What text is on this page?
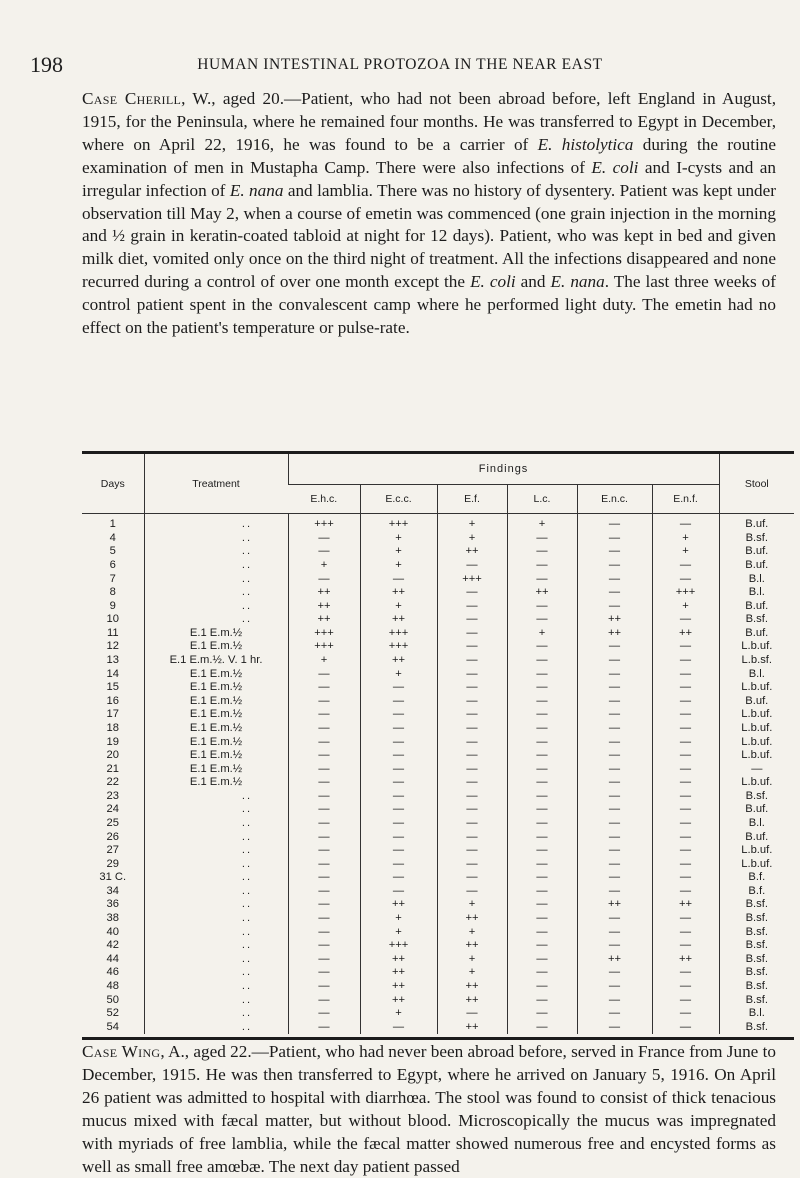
198	HUMAN INTESTINAL PROTOZOA IN THE NEAR EAST

Case Cherill, W., aged 20.—Patient, who had not been abroad before, left England in August, 1915, for the Peninsula, where he remained four months. He was transferred to Egypt in December, where on April 22, 1916, he was found to be a carrier of E. histolytica during the routine examination of men in Mustapha Camp. There were also infections of E. coli and I-cysts and an irregular infection of E. nana and lamblia. There was no history of dysentery. Patient was kept under observation till May 2, when a course of emetin was commenced (one grain injection in the morning and ½ grain in keratin-coated tabloid at night for 12 days). Patient, who was kept in bed and given milk diet, vomited only once on the third night of treatment. All the infections disappeared and none recurred during a control of over one month except the E. coli and E. nana. The last three weeks of control patient spent in the convalescent camp where he performed light duty. The emetin had no effect on the patient's temperature or pulse-rate.

Days	Treatment	Findings						Stool
		E.h.c.	E.c.c.	E.f.	L.c.	E.n.c.	E.n.f.	
1	..	+++	+++	+	+	—	—	B.uf.
4	..	—	+	+	—	—	+	B.sf.
5	..	—	+	++	—	—	+	B.uf.
6	..	+	+	—	—	—	—	B.uf.
7	..	—	—	+++	—	—	—	B.l.
8	..	++	++	—	++	—	+++	B.l.
9	..	++	+	—	—	—	+	B.uf.
10	..	++	++	—	—	++	—	B.sf.
11	E.1 E.m.½	+++	+++	—	+	++	++	B.uf.
12	E.1 E.m.½	+++	+++	—	—	—	—	L.b.uf.
13	E.1 E.m.½. V. 1 hr.	+	++	—	—	—	—	L.b.sf.
14	E.1 E.m.½	—	+	—	—	—	—	B.l.
15	E.1 E.m.½	—	—	—	—	—	—	L.b.uf.
16	E.1 E.m.½	—	—	—	—	—	—	B.uf.
17	E.1 E.m.½	—	—	—	—	—	—	L.b.uf.
18	E.1 E.m.½	—	—	—	—	—	—	L.b.uf.
19	E.1 E.m.½	—	—	—	—	—	—	L.b.uf.
20	E.1 E.m.½	—	—	—	—	—	—	L.b.uf.
21	E.1 E.m.½	—	—	—	—	—	—	—
22	E.1 E.m.½	—	—	—	—	—	—	L.b.uf.
23	..	—	—	—	—	—	—	B.sf.
24	..	—	—	—	—	—	—	B.uf.
25	..	—	—	—	—	—	—	B.l.
26	..	—	—	—	—	—	—	B.uf.
27	..	—	—	—	—	—	—	L.b.uf.
29	..	—	—	—	—	—	—	L.b.uf.
31 C.	..	—	—	—	—	—	—	B.f.
34	..	—	—	—	—	—	—	B.f.
36	..	—	++	+	—	++	++	B.sf.
38	..	—	+	++	—	—	—	B.sf.
40	..	—	+	+	—	—	—	B.sf.
42	..	—	+++	++	—	—	—	B.sf.
44	..	—	++	+	—	++	++	B.sf.
46	..	—	++	+	—	—	—	B.sf.
48	..	—	++	++	—	—	—	B.sf.
50	..	—	++	++	—	—	—	B.sf.
52	..	—	+	—	—	—	—	B.l.
54	..	—	—	++	—	—	—	B.sf.

Case Wing, A., aged 22.—Patient, who had never been abroad before, served in France from June to December, 1915. He was then transferred to Egypt, where he arrived on January 5, 1916. On April 26 patient was admitted to hospital with diarrhœa. The stool was found to consist of thick tenacious mucus mixed with fæcal matter, but without blood. Microscopically the mucus was impregnated with myriads of free lamblia, while the fæcal matter showed numerous free and encysted forms as well as small free amœbæ. The next day patient passed
